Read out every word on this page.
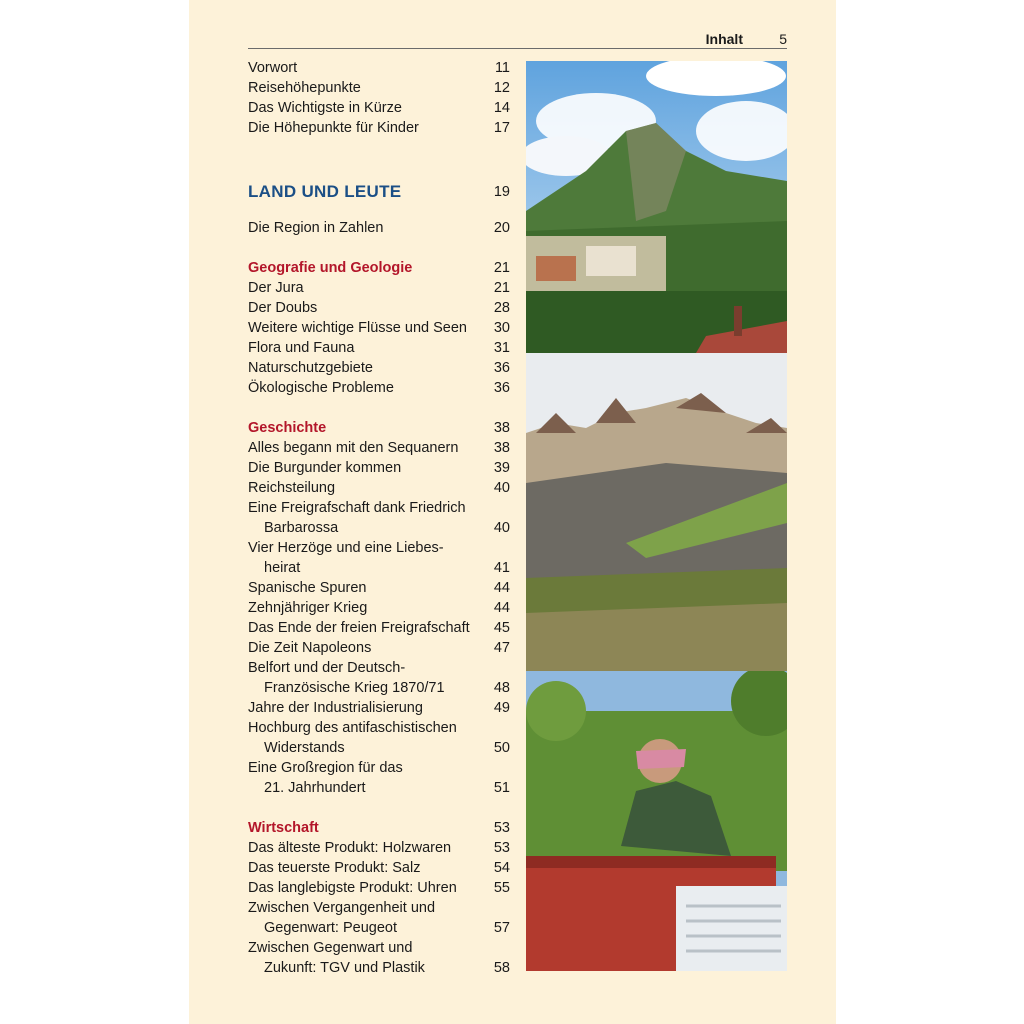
Inhalt	5
Vorwort	11
Reisehöhepunkte	12
Das Wichtigste in Kürze	14
Die Höhepunkte für Kinder	17
LAND UND LEUTE	19
Die Region in Zahlen	20
Geografie und Geologie	21
Der Jura	21
Der Doubs	28
Weitere wichtige Flüsse und Seen 30
Flora und Fauna	31
Naturschutzgebiete	36
Ökologische Probleme	36
Geschichte	38
Alles begann mit den Sequanern 38
Die Burgunder kommen	39
Reichsteilung	40
Eine Freigrafschaft dank Friedrich
Barbarossa	40
Vier Herzöge und eine Liebes-
heirat	41
Spanische Spuren	44
Zehnjähriger Krieg	44
Das Ende der freien Freigrafschaft 45
Die Zeit Napoleons	47
Belfort und der Deutsch-
Französische Krieg 1870/71	48
Jahre der Industrialisierung	49
Hochburg des antifaschistischen
Widerstands	50
Eine Großregion für das
21. Jahrhundert	51
Wirtschaft	53
Das älteste Produkt: Holzwaren	53
Das teuerste Produkt: Salz	54
Das langlebigste Produkt: Uhren	55
Zwischen Vergangenheit und
Gegenwart: Peugeot	57
Zwischen Gegenwart und
Zukunft: TGV und Plastik	58
